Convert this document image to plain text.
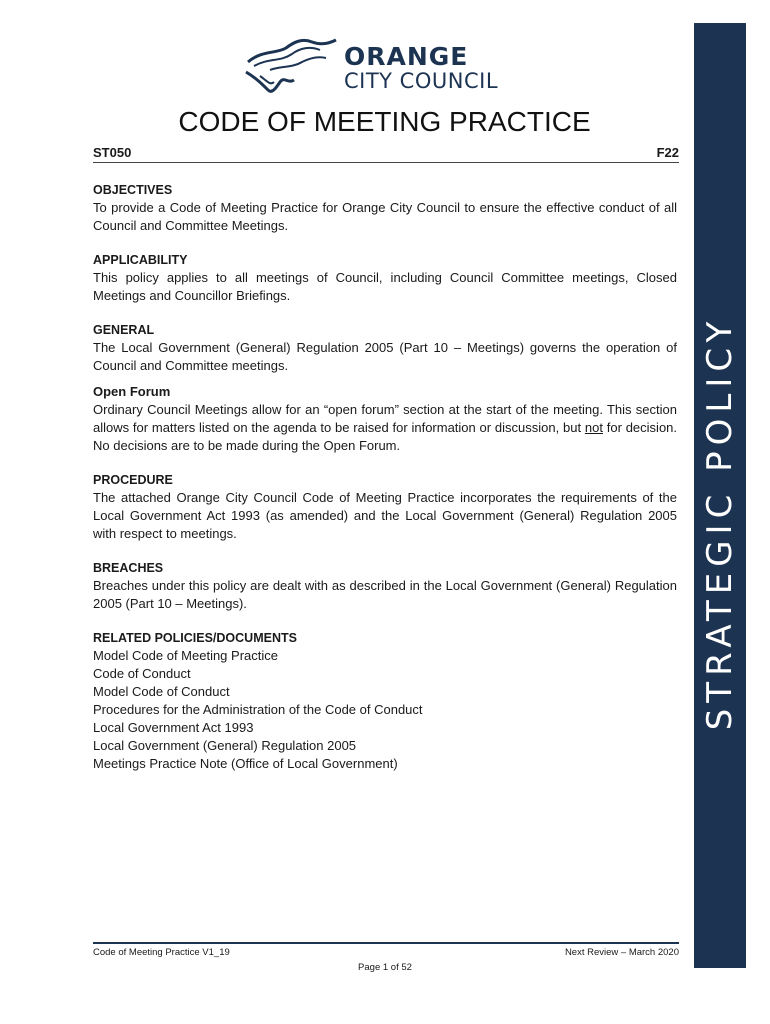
STRATEGIC POLICY
ORANGE
CITY COUNCIL
CODE OF MEETING PRACTICE
ST050	F22
OBJECTIVES
To provide a Code of Meeting Practice for Orange City Council to ensure the effective conduct of all Council and Committee Meetings.
APPLICABILITY
This policy applies to all meetings of Council, including Council Committee meetings, Closed Meetings and Councillor Briefings.
GENERAL
The Local Government (General) Regulation 2005 (Part 10 – Meetings) governs the operation of Council and Committee meetings.
Open Forum
Ordinary Council Meetings allow for an “open forum” section at the start of the meeting. This section allows for matters listed on the agenda to be raised for information or discussion, but not for decision. No decisions are to be made during the Open Forum.
PROCEDURE
The attached Orange City Council Code of Meeting Practice incorporates the requirements of the Local Government Act 1993 (as amended) and the Local Government (General) Regulation 2005 with respect to meetings.
BREACHES
Breaches under this policy are dealt with as described in the Local Government (General) Regulation 2005 (Part 10 – Meetings).
RELATED POLICIES/DOCUMENTS
Model Code of Meeting Practice
Code of Conduct
Model Code of Conduct
Procedures for the Administration of the Code of Conduct
Local Government Act 1993
Local Government (General) Regulation 2005
Meetings Practice Note (Office of Local Government)
Code of Meeting Practice V1_19	Next Review – March 2020
Page 1 of 52
